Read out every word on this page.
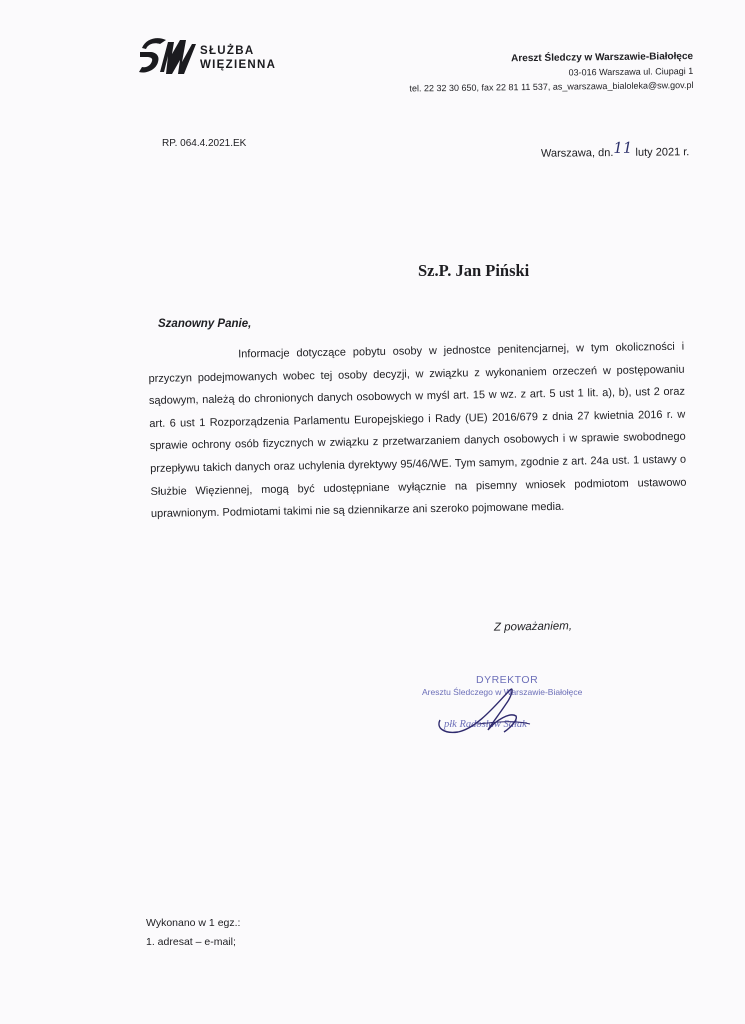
SŁUŻBA
WIĘZIENNA
Areszt Śledczy w Warszawie-Białołęce
03-016 Warszawa ul. Ciupagi 1
tel. 22 32 30 650, fax 22 81 11 537, as_warszawa_bialoleka@sw.gov.pl
RP. 064.4.2021.EK
Warszawa, dn.11 luty 2021 r.
Sz.P. Jan Piński
Szanowny Panie,
Informacje dotyczące pobytu osoby w jednostce penitencjarnej, w tym okoliczności i przyczyn podejmowanych wobec tej osoby decyzji, w związku z wykonaniem orzeczeń w postępowaniu sądowym, należą do chronionych danych osobowych w myśl art. 15 w wz. z art. 5 ust 1 lit. a), b), ust 2 oraz art. 6 ust 1 Rozporządzenia Parlamentu Europejskiego i Rady (UE) 2016/679 z dnia 27 kwietnia 2016 r. w sprawie ochrony osób fizycznych w związku z przetwarzaniem danych osobowych i w sprawie swobodnego przepływu takich danych oraz uchylenia dyrektywy 95/46/WE. Tym samym, zgodnie z art. 24a ust. 1 ustawy o Służbie Więziennej, mogą być udostępniane wyłącznie na pisemny wniosek podmiotom ustawowo uprawnionym. Podmiotami takimi nie są dziennikarze ani szeroko pojmowane media.
Z poważaniem,
DYREKTOR
Aresztu Śledczego w Warszawie-Białołęce
płk Radosław Sałak
Wykonano w 1 egz.:
1. adresat – e-mail;
